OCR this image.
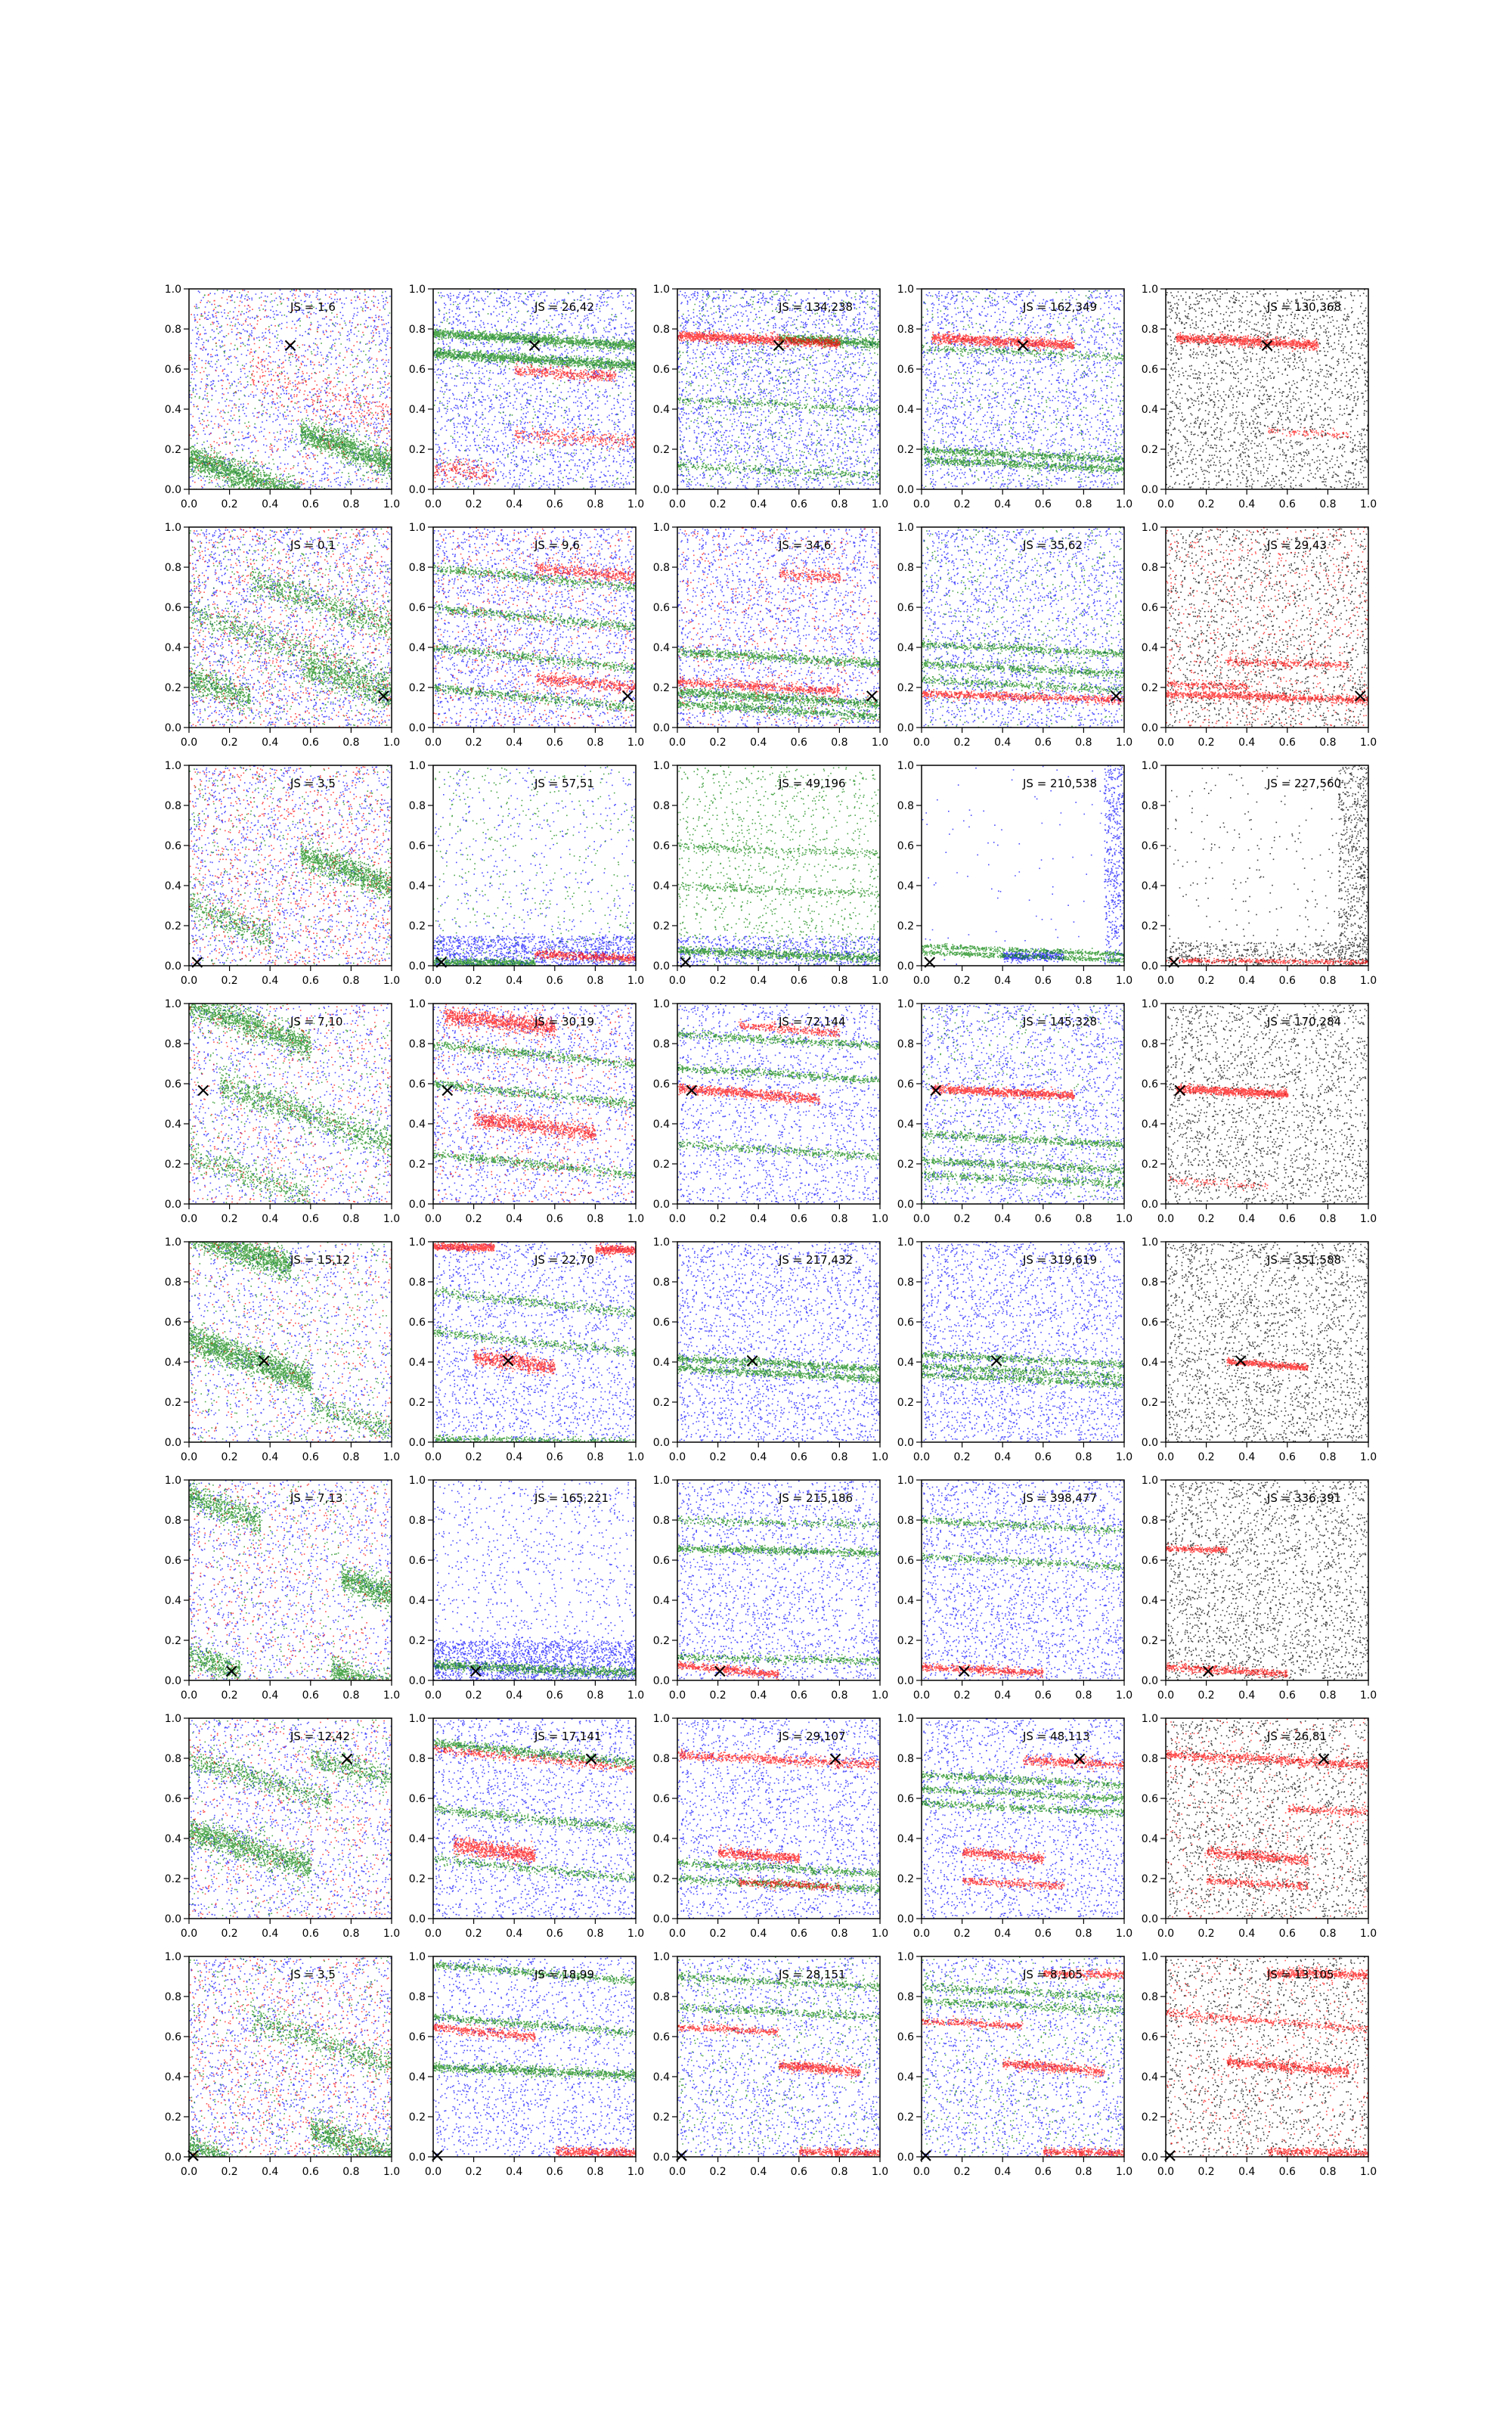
0.0 0.2 0.4 0.6 0.8 1.0
0.0
0.2
0.4
0.6
0.8
1.0
×
JS = 1,6
0.0 0.2 0.4 0.6 0.8 1.0
0.0
0.2
0.4
0.6
0.8
1.0
×
JS = 26,42
0.0 0.2 0.4 0.6 0.8 1.0
0.0
0.2
0.4
0.6
0.8
1.0
×
JS = 134,238
0.0 0.2 0.4 0.6 0.8 1.0
0.0
0.2
0.4
0.6
0.8
1.0
×
JS = 162,349
0.0 0.2 0.4 0.6 0.8 1.0
0.0
0.2
0.4
0.6
0.8
1.0
×
JS = 130,368
0.0 0.2 0.4 0.6 0.8 1.0
0.0
0.2
0.4
0.6
0.8
1.0
×
JS = 0,1
0.0 0.2 0.4 0.6 0.8 1.0
0.0
0.2
0.4
0.6
0.8
1.0
×
JS = 9,6
0.0 0.2 0.4 0.6 0.8 1.0
0.0
0.2
0.4
0.6
0.8
1.0
×
JS = 34,6
0.0 0.2 0.4 0.6 0.8 1.0
0.0
0.2
0.4
0.6
0.8
1.0
×
JS = 35,62
0.0 0.2 0.4 0.6 0.8 1.0
0.0
0.2
0.4
0.6
0.8
1.0
×
JS = 29,43
0.0 0.2 0.4 0.6 0.8 1.0
0.0
0.2
0.4
0.6
0.8
1.0
×
JS = 3,5
0.0 0.2 0.4 0.6 0.8 1.0
0.0
0.2
0.4
0.6
0.8
1.0
×
JS = 57,51
0.0 0.2 0.4 0.6 0.8 1.0
0.0
0.2
0.4
0.6
0.8
1.0
×
JS = 49,196
0.0 0.2 0.4 0.6 0.8 1.0
0.0
0.2
0.4
0.6
0.8
1.0
×
JS = 210,538
0.0 0.2 0.4 0.6 0.8 1.0
0.0
0.2
0.4
0.6
0.8
1.0
×
JS = 227,560
0.0 0.2 0.4 0.6 0.8 1.0
0.0
0.2
0.4
0.6
0.8
1.0
×
JS = 7,10
0.0 0.2 0.4 0.6 0.8 1.0
0.0
0.2
0.4
0.6
0.8
1.0
×
JS = 30,19
0.0 0.2 0.4 0.6 0.8 1.0
0.0
0.2
0.4
0.6
0.8
1.0
×
JS = 72,144
0.0 0.2 0.4 0.6 0.8 1.0
0.0
0.2
0.4
0.6
0.8
1.0
×
JS = 145,328
0.0 0.2 0.4 0.6 0.8 1.0
0.0
0.2
0.4
0.6
0.8
1.0
×
JS = 170,284
0.0 0.2 0.4 0.6 0.8 1.0
0.0
0.2
0.4
0.6
0.8
1.0
×
JS = 15,12
0.0 0.2 0.4 0.6 0.8 1.0
0.0
0.2
0.4
0.6
0.8
1.0
×
JS = 22,70
0.0 0.2 0.4 0.6 0.8 1.0
0.0
0.2
0.4
0.6
0.8
1.0
×
JS = 217,432
0.0 0.2 0.4 0.6 0.8 1.0
0.0
0.2
0.4
0.6
0.8
1.0
×
JS = 319,619
0.0 0.2 0.4 0.6 0.8 1.0
0.0
0.2
0.4
0.6
0.8
1.0
×
JS = 351,588
0.0 0.2 0.4 0.6 0.8 1.0
0.0
0.2
0.4
0.6
0.8
1.0
×
JS = 7,13
0.0 0.2 0.4 0.6 0.8 1.0
0.0
0.2
0.4
0.6
0.8
1.0
×
JS = 165,221
0.0 0.2 0.4 0.6 0.8 1.0
0.0
0.2
0.4
0.6
0.8
1.0
×
JS = 215,186
0.0 0.2 0.4 0.6 0.8 1.0
0.0
0.2
0.4
0.6
0.8
1.0
×
JS = 398,477
0.0 0.2 0.4 0.6 0.8 1.0
0.0
0.2
0.4
0.6
0.8
1.0
×
JS = 336,391
0.0 0.2 0.4 0.6 0.8 1.0
0.0
0.2
0.4
0.6
0.8
1.0
×
JS = 12,42
0.0 0.2 0.4 0.6 0.8 1.0
0.0
0.2
0.4
0.6
0.8
1.0
×
JS = 17,141
0.0 0.2 0.4 0.6 0.8 1.0
0.0
0.2
0.4
0.6
0.8
1.0
×
JS = 29,107
0.0 0.2 0.4 0.6 0.8 1.0
0.0
0.2
0.4
0.6
0.8
1.0
×
JS = 48,113
0.0 0.2 0.4 0.6 0.8 1.0
0.0
0.2
0.4
0.6
0.8
1.0
×
JS = 26,81
0.0 0.2 0.4 0.6 0.8 1.0
0.0
0.2
0.4
0.6
0.8
1.0
×
JS = 3,5
0.0 0.2 0.4 0.6 0.8 1.0
0.0
0.2
0.4
0.6
0.8
1.0
×
JS = 18,99
0.0 0.2 0.4 0.6 0.8 1.0
0.0
0.2
0.4
0.6
0.8
1.0
×
JS = 28,151
0.0 0.2 0.4 0.6 0.8 1.0
0.0
0.2
0.4
0.6
0.8
1.0
×
JS = 8,105
0.0 0.2 0.4 0.6 0.8 1.0
0.0
0.2
0.4
0.6
0.8
1.0
×
JS = 13,105
